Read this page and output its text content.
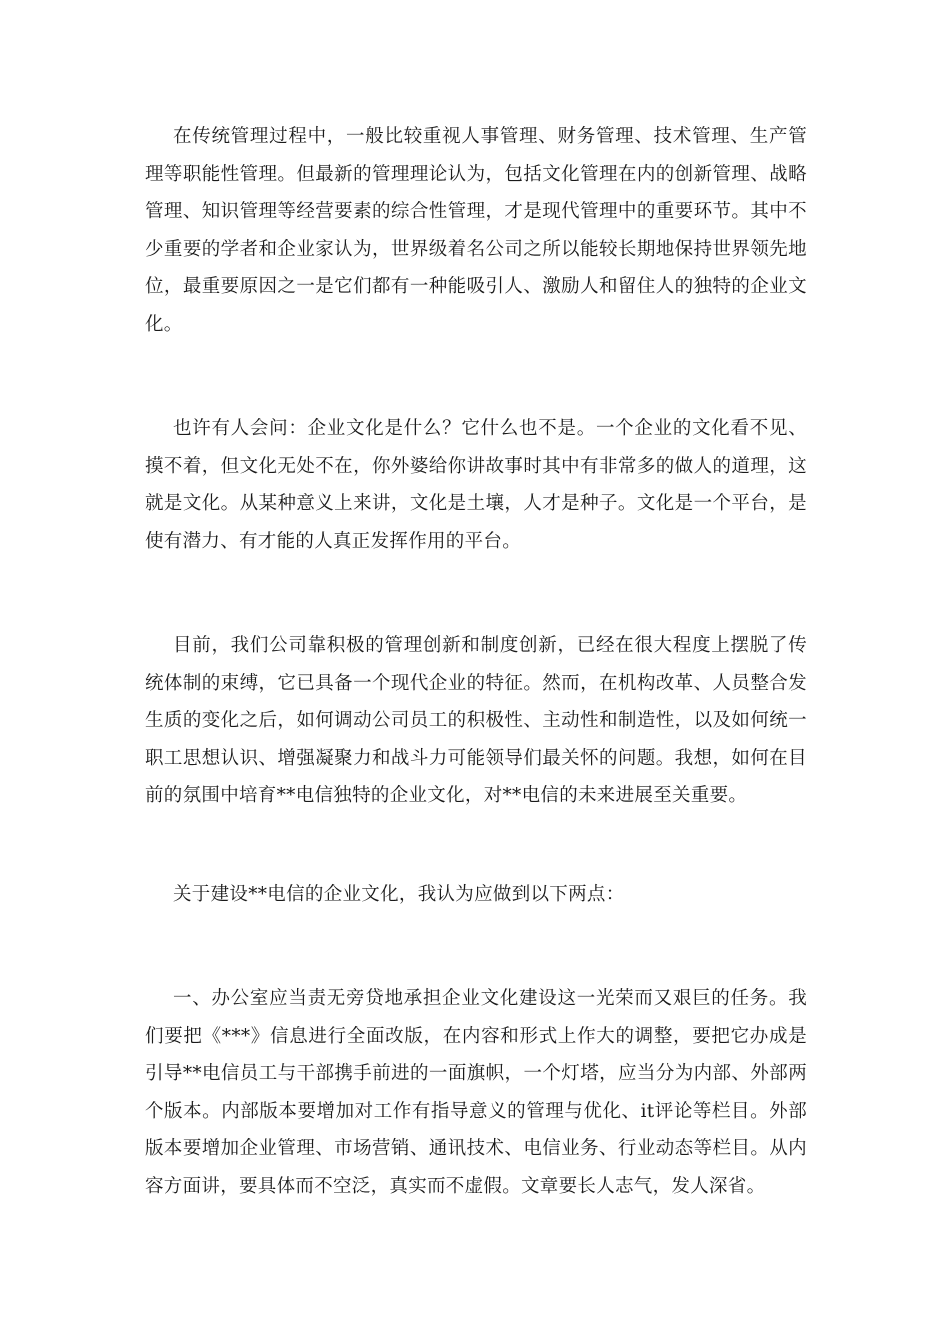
在传统管理过程中，一般比较重视人事管理、财务管理、技术管理、生产管理等职能性管理。但最新的管理理论认为，包括文化管理在内的创新管理、战略管理、知识管理等经营要素的综合性管理，才是现代管理中的重要环节。其中不少重要的学者和企业家认为，世界级着名公司之所以能较长期地保持世界领先地位，最重要原因之一是它们都有一种能吸引人、激励人和留住人的独特的企业文化。

也许有人会问：企业文化是什么？它什么也不是。一个企业的文化看不见、摸不着，但文化无处不在，你外婆给你讲故事时其中有非常多的做人的道理，这就是文化。从某种意义上来讲，文化是土壤，人才是种子。文化是一个平台，是使有潜力、有才能的人真正发挥作用的平台。

目前，我们公司靠积极的管理创新和制度创新，已经在很大程度上摆脱了传统体制的束缚，它已具备一个现代企业的特征。然而，在机构改革、人员整合发生质的变化之后，如何调动公司员工的积极性、主动性和制造性，以及如何统一职工思想认识、增强凝聚力和战斗力可能领导们最关怀的问题。我想，如何在目前的氛围中培育**电信独特的企业文化，对**电信的未来进展至关重要。

关于建设**电信的企业文化，我认为应做到以下两点：

一、办公室应当责无旁贷地承担企业文化建设这一光荣而又艰巨的任务。我们要把《***》信息进行全面改版，在内容和形式上作大的调整，要把它办成是引导**电信员工与干部携手前进的一面旗帜，一个灯塔，应当分为内部、外部两个版本。内部版本要增加对工作有指导意义的管理与优化、it评论等栏目。外部版本要增加企业管理、市场营销、通讯技术、电信业务、行业动态等栏目。从内容方面讲，要具体而不空泛，真实而不虚假。文章要长人志气，发人深省。
